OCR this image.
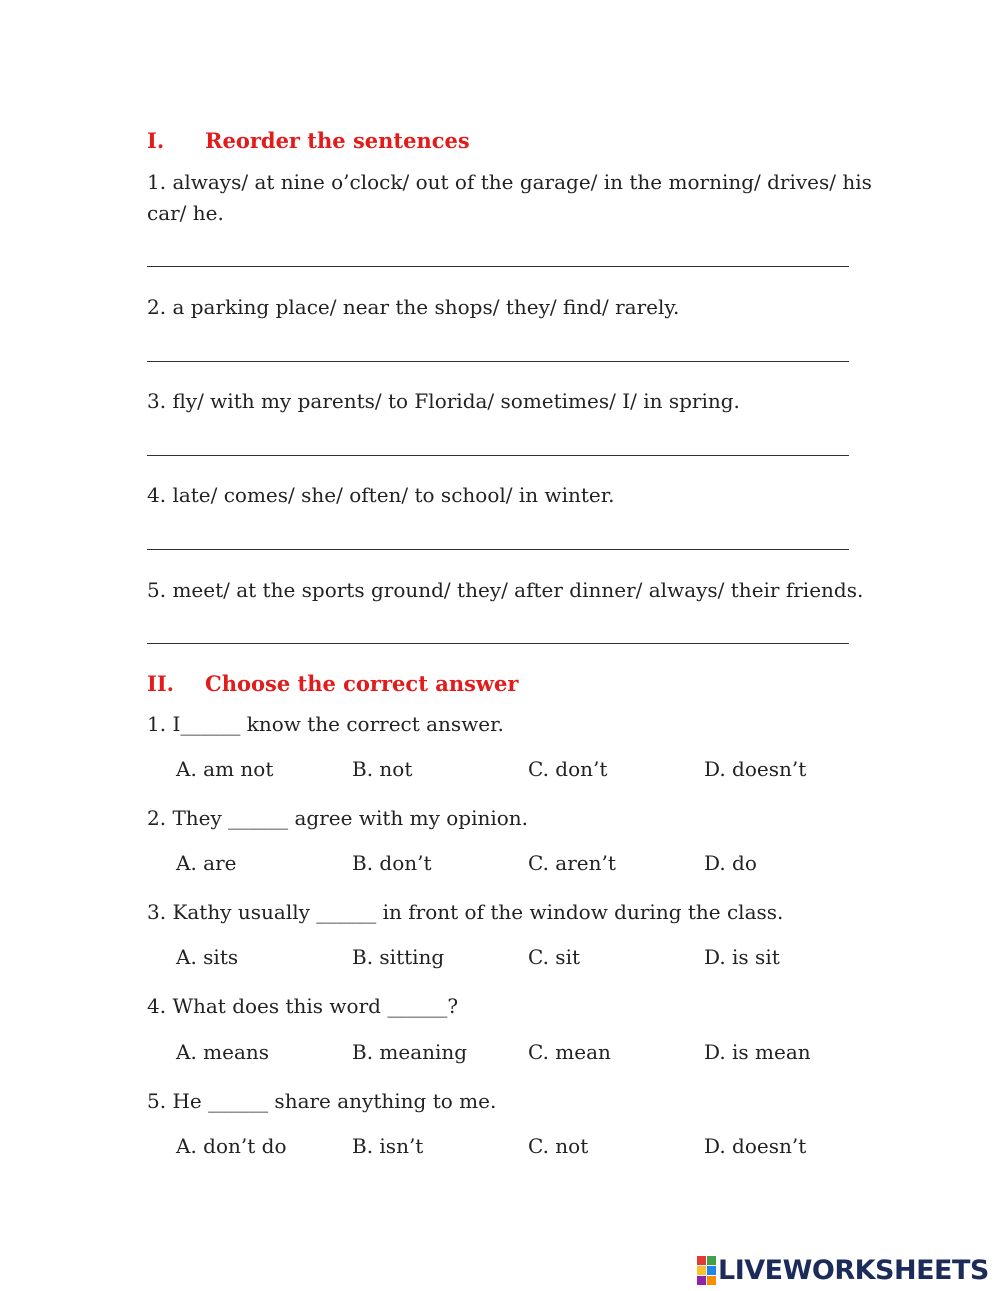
I. Reorder the sentences
1. always/ at nine o’clock/ out of the garage/ in the morning/ drives/ his
car/ he.
2. a parking place/ near the shops/ they/ find/ rarely.
3. fly/ with my parents/ to Florida/ sometimes/ I/ in spring.
4. late/ comes/ she/ often/ to school/ in winter.
5. meet/ at the sports ground/ they/ after dinner/ always/ their friends.
II. Choose the correct answer
1. I______ know the correct answer.
A. am not	B. not	C. don’t	D. doesn’t
2. They ______ agree with my opinion.
A. are	B. don’t	C. aren’t	D. do
3. Kathy usually ______ in front of the window during the class.
A. sits	B. sitting	C. sit	D. is sit
4. What does this word ______?
A. means	B. meaning	C. mean	D. is mean
5. He ______ share anything to me.
A. don’t do	B. isn’t	C. not	D. doesn’t
LIVEWORKSHEETS
